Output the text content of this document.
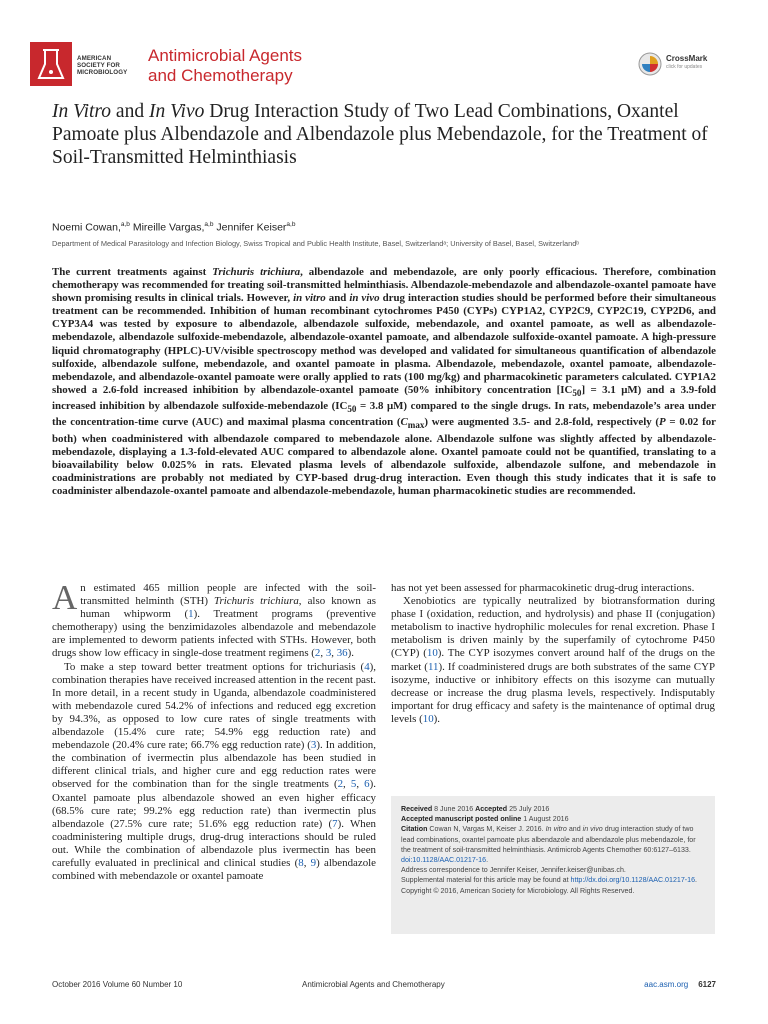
AMERICAN
SOCIETY FOR
MICROBIOLOGY
Antimicrobial Agents
and Chemotherapy
CrossMark
click for updates
In Vitro and In Vivo Drug Interaction Study of Two Lead Combinations, Oxantel Pamoate plus Albendazole and Albendazole plus Mebendazole, for the Treatment of Soil-Transmitted Helminthiasis
Noemi Cowan,$^{a,b}$ Mireille Vargas,$^{a,b}$ Jennifer Keiser$^{a,b}$
Department of Medical Parasitology and Infection Biology, Swiss Tropical and Public Health Institute, Basel, Switzerlandᵃ; University of Basel, Basel, Switzerlandᵇ

The current treatments against Trichuris trichiura, albendazole and mebendazole, are only poorly efficacious. Therefore, combination chemotherapy was recommended for treating soil-transmitted helminthiasis. Albendazole-mebendazole and albendazole-oxantel pamoate have shown promising results in clinical trials. However, in vitro and in vivo drug interaction studies should be performed before their simultaneous treatment can be recommended. Inhibition of human recombinant cytochromes P450 (CYPs) CYP1A2, CYP2C9, CYP2C19, CYP2D6, and CYP3A4 was tested by exposure to albendazole, albendazole sulfoxide, mebendazole, and oxantel pamoate, as well as albendazole-mebendazole, albendazole sulfoxide-mebendazole, albendazole-oxantel pamoate, and albendazole sulfoxide-oxantel pamoate. A high-pressure liquid chromatography (HPLC)-UV/visible spectroscopy method was developed and validated for simultaneous quantification of albendazole sulfoxide, albendazole sulfone, mebendazole, and oxantel pamoate in plasma. Albendazole, mebendazole, oxantel pamoate, albendazole-mebendazole, and albendazole-oxantel pamoate were orally applied to rats (100 mg/kg) and pharmacokinetic parameters calculated. CYP1A2 showed a 2.6-fold increased inhibition by albendazole-oxantel pamoate (50% inhibitory concentration $[IC_{50}] = 3.1$ μM) and a 3.9-fold increased inhibition by albendazole sulfoxide-mebendazole ($IC_{50} = 3.8$ μM) compared to the single drugs. In rats, mebendazole’s area under the concentration-time curve (AUC) and maximal plasma concentration $(C_{max})$ were augmented 3.5- and 2.8-fold, respectively (P = 0.02 for both) when coadministered with albendazole compared to mebendazole alone. Albendazole sulfone was slightly affected by albendazole-mebendazole, displaying a 1.3-fold-elevated AUC compared to albendazole alone. Oxantel pamoate could not be quantified, translating to a bioavailability below 0.025% in rats. Elevated plasma levels of albendazole sulfoxide, albendazole sulfone, and mebendazole in coadministrations are probably not mediated by CYP-based drug-drug interaction. Even though this study indicates that it is safe to coadminister albendazole-oxantel pamoate and albendazole-mebendazole, human pharmacokinetic studies are recommended.

An estimated 465 million people are infected with the soil-transmitted helminth (STH) Trichuris trichiura, also known as human whipworm (1). Treatment programs (preventive chemotherapy) using the benzimidazoles albendazole and mebendazole are implemented to deworm patients infected with STHs. However, both drugs show low efficacy in single-dose treatment regimens (2, 3, 36).

To make a step toward better treatment options for trichuriasis (4), combination therapies have received increased attention in the recent past. In more detail, in a recent study in Uganda, albendazole coadministered with mebendazole cured 54.2% of infections and reduced egg excretion by 94.3%, as opposed to low cure rates of single treatments with albendazole (15.4% cure rate; 54.9% egg reduction rate) and mebendazole (20.4% cure rate; 66.7% egg reduction rate) (3). In addition, the combination of ivermectin plus albendazole has been studied in different clinical trials, and higher cure and egg reduction rates were observed for the combination than for the single treatments (2, 5, 6). Oxantel pamoate plus albendazole showed an even higher efficacy (68.5% cure rate; 99.2% egg reduction rate) than ivermectin plus albendazole (27.5% cure rate; 51.6% egg reduction rate) (7). When coadministering multiple drugs, drug-drug interactions should be ruled out. While the combination of albendazole plus ivermectin has been carefully evaluated in preclinical and clinical studies (8, 9) albendazole combined with mebendazole or oxantel pamoate

has not yet been assessed for pharmacokinetic drug-drug interactions.

Xenobiotics are typically neutralized by biotransformation during phase I (oxidation, reduction, and hydrolysis) and phase II (conjugation) metabolism to inactive hydrophilic molecules for renal excretion. Phase I metabolism is driven mainly by the superfamily of cytochrome P450 (CYP) (10). The CYP isozymes convert around half of the drugs on the market (11). If coadministered drugs are both substrates of the same CYP isozyme, inductive or inhibitory effects on this isozyme can mutually decrease or increase the drug plasma levels, respectively. Indisputably important for drug efficacy and safety is the maintenance of optimal drug levels (10).

Received 8 June 2016 Accepted 25 July 2016

Accepted manuscript posted online 1 August 2016

Citation Cowan N, Vargas M, Keiser J. 2016. In vitro and in vivo drug interaction study of two lead combinations, oxantel pamoate plus albendazole and albendazole plus mebendazole, for the treatment of soil-transmitted helminthiasis. Antimicrob Agents Chemother 60:6127–6133. doi:10.1128/AAC.01217-16.

Address correspondence to Jennifer Keiser, Jennifer.keiser@unibas.ch.

Supplemental material for this article may be found at http://dx.doi.org/10.1128/AAC.01217-16.

Copyright © 2016, American Society for Microbiology. All Rights Reserved.

October 2016 Volume 60 Number 10	Antimicrobial Agents and Chemotherapy	aac.asm.org 6127
